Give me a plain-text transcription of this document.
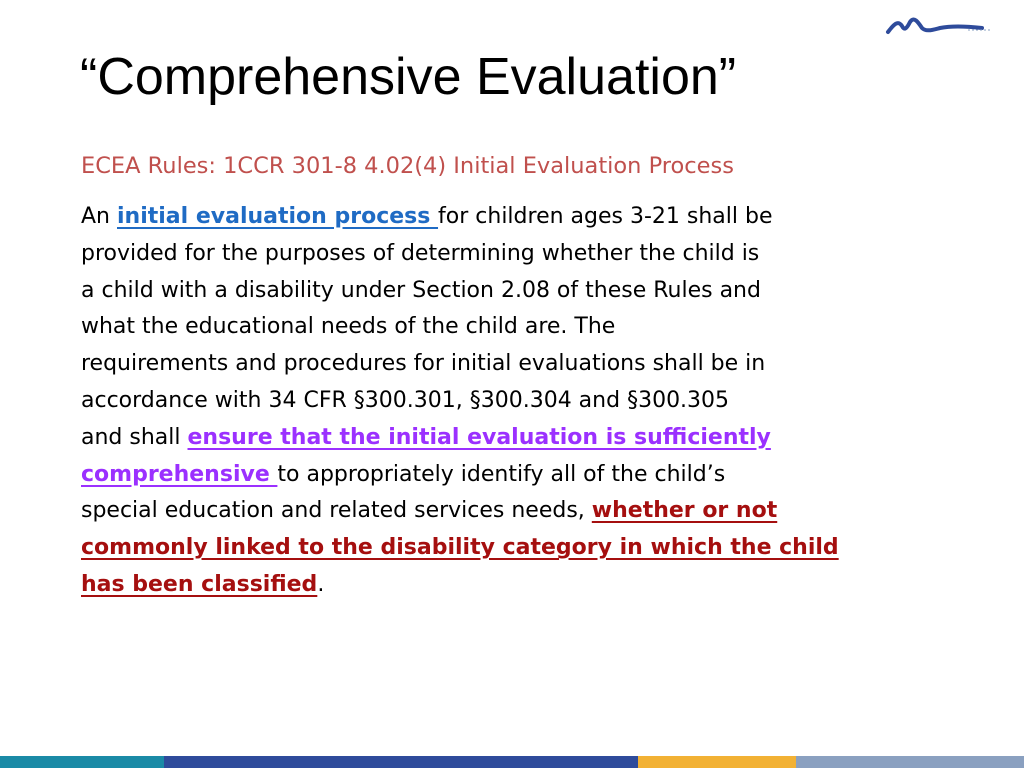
“Comprehensive Evaluation”

ECEA Rules: 1CCR 301-8 4.02(4) Initial Evaluation Process

An initial evaluation process for children ages 3-21 shall be
provided for the purposes of determining whether the child is
a child with a disability under Section 2.08 of these Rules and
what the educational needs of the child are. The
requirements and procedures for initial evaluations shall be in
accordance with 34 CFR §300.301, §300.304 and §300.305
and shall ensure that the initial evaluation is sufficiently
comprehensive to appropriately identify all of the child’s
special education and related services needs, whether or not
commonly linked to the disability category in which the child
has been classified.
